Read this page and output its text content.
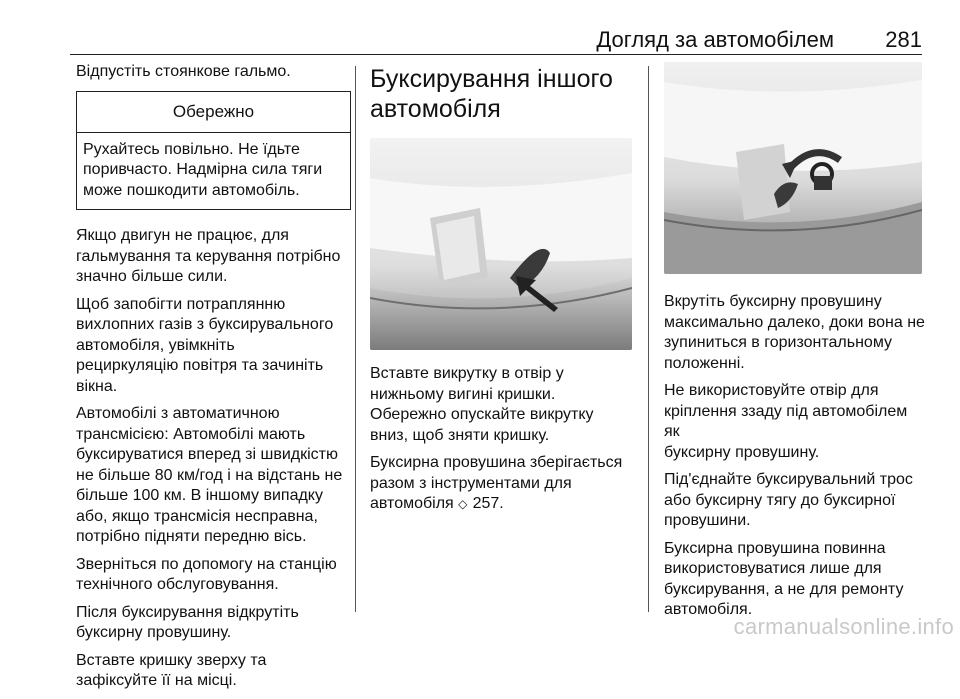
Догляд за автомобілем 281

Відпустіть стоянкове гальмо.

Обережно
Рухайтесь повільно. Не їдьте
поривчасто. Надмірна сила тяги
може пошкодити автомобіль.

Якщо двигун не працює, для
гальмування та керування потрібно
значно більше сили.

Щоб запобігти потраплянню
вихлопних газів з буксирувального
автомобіля, увімкніть
рециркуляцію повітря та зачиніть
вікна.

Автомобілі з автоматичною
трансмісією: Автомобілі мають
буксируватися вперед зі швидкістю
не більше 80 км/год і на відстань не
більше 100 км. В іншому випадку
або, якщо трансмісія несправна,
потрібно підняти передню вісь.

Зверніться по допомогу на станцію
технічного обслуговування.

Після буксирування відкрутіть
буксирну провушину.

Вставте кришку зверху та
зафіксуйте її на місці.

Буксирування іншого
автомобіля

Вставте викрутку в отвір у
нижньому вигині кришки.
Обережно опускайте викрутку
вниз, щоб зняти кришку.

Буксирна провушина зберігається
разом з інструментами для
автомобіля ◇ 257.

Вкрутіть буксирну провушину
максимально далеко, доки вона не
зупиниться в горизонтальному
положенні.

Не використовуйте отвір для
кріплення ззаду під автомобілем як
буксирну провушину.

Під'єднайте буксирувальний трос
або буксирну тягу до буксирної
провушини.

Буксирна провушина повинна
використовуватися лише для
буксирування, а не для ремонту
автомобіля.

carmanualsonline.info
